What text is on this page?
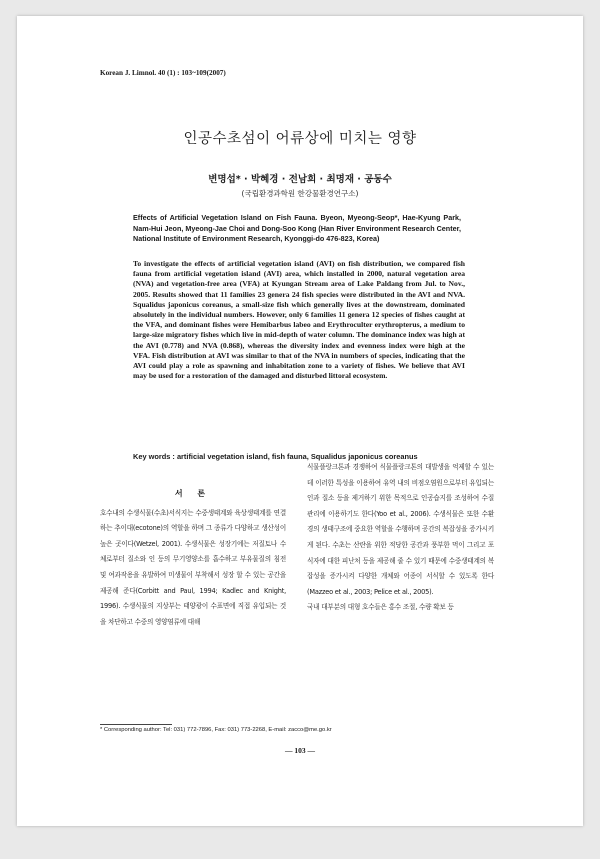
Korean J. Limnol. 40 (1) : 103~109(2007)
인공수초섬이 어류상에 미치는 영향
변명섭* · 박혜경 · 전남희 · 최명재 · 공동수
(국립환경과학원 한강물환경연구소)
Effects of Artificial Vegetation Island on Fish Fauna. Byeon, Myeong-Seop*, Hae-Kyung Park, Nam-Hui Jeon, Myeong-Jae Choi and Dong-Soo Kong (Han River Environment Research Center, National Institute of Environment Research, Kyonggi-do 476-823, Korea)
To investigate the effects of artificial vegetation island (AVI) on fish distribution, we compared fish fauna from artificial vegetation island (AVI) area, which installed in 2000, natural vegetation area (NVA) and vegetation-free area (VFA) at Kyungan Stream area of Lake Paldang from Jul. to Nov., 2005. Results showed that 11 families 23 genera 24 fish species were distributed in the AVI and NVA. Squalidus japonicus coreanus, a small-size fish which generally lives at the downstream, dominated absolutely in the individual numbers. However, only 6 families 11 genera 12 species of fishes caught at the VFA, and dominant fishes were Hemibarbus labeo and Erythroculter erythropterus, a medium to large-size migratory fishes which live in mid-depth of water column. The dominance index was high at the AVI (0.778) and NVA (0.868), whereas the diversity index and evenness index were high at the VFA. Fish distribution at AVI was similar to that of the NVA in numbers of species, indicating that the AVI could play a role as spawning and inhabitation zone to a variety of fishes. We believe that AVI may be used for a restoration of the damaged and disturbed littoral ecosystem.
Key words : artificial vegetation island, fish fauna, Squalidus japonicus coreanus
서 론

호수내의 수생식물(수초)서식지는 수중생태계와 육상생태계를 연결하는 추이대(ecotone)의 역할을 하며 그 종류가 다양하고 생산성이 높은 곳이다(Wetzel, 2001). 수생식물은 성장기에는 저질토나 수체로부터 질소와 인 등의 무기영양소를 흡수하고 부유물질의 침전 및 여과작용을 유발하여 미생물이 부착해서 성장 할 수 있는 공간을 제공해 준다(Corbitt and Paul, 1994; Kadlec and Knight, 1996). 수생식물의 지상부는 태양광이 수표면에 직접 유입되는 것을 차단하고 수중의 영양염류에 대해

식물플랑크톤과 경쟁하여 식물플랑크톤의 대발생을 억제할 수 있는데 이러한 특성을 이용하여 유역 내의 비점오염원으로부터 유입되는 인과 질소 등을 제거하기 위한 목적으로 인공습지를 조성하여 수질관리에 이용하기도 한다(Yoo et al., 2006). 수생식물은 또한 수환경의 생태구조에 중요한 역할을 수행하며 공간의 복잡성을 증가시키게 된다. 수초는 산란을 위한 적당한 공간과 풍부한 먹이 그리고 포식자에 대한 피난처 등을 제공해 줄 수 있기 때문에 수중생태계의 복잡성을 증가시켜 다양한 개체와 어종이 서식할 수 있도록 한다(Mazzeo et al., 2003; Pelice et al., 2005).

국내 대부분의 대형 호수들은 홍수 조절, 수량 확보 등

* Corresponding author: Tel: 031) 772-7896, Fax: 031) 773-2268, E-mail: zacco@me.go.kr
— 103 —
